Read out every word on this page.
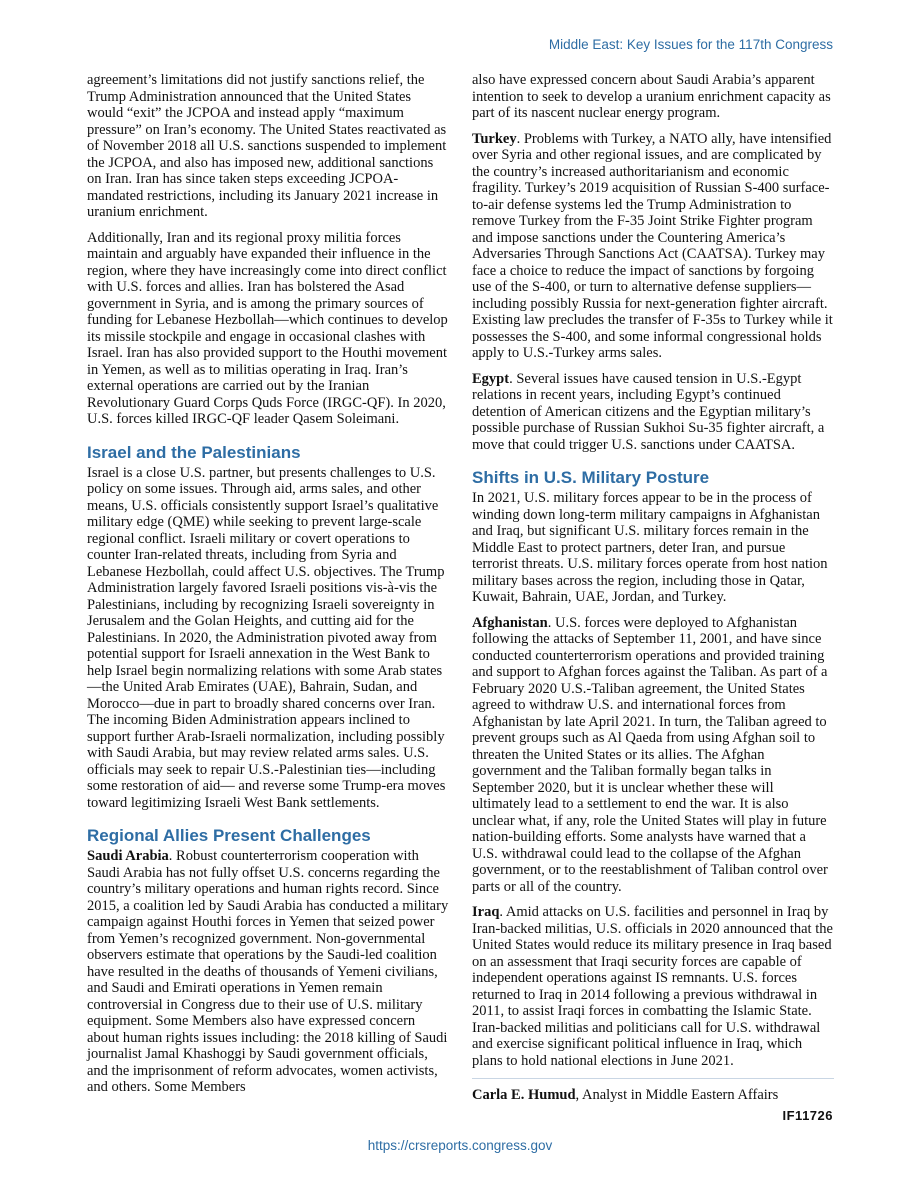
Middle East: Key Issues for the 117th Congress

agreement’s limitations did not justify sanctions relief, the Trump Administration announced that the United States would “exit” the JCPOA and instead apply “maximum pressure” on Iran’s economy. The United States reactivated as of November 2018 all U.S. sanctions suspended to implement the JCPOA, and also has imposed new, additional sanctions on Iran. Iran has since taken steps exceeding JCPOA-mandated restrictions, including its January 2021 increase in uranium enrichment.

Additionally, Iran and its regional proxy militia forces maintain and arguably have expanded their influence in the region, where they have increasingly come into direct conflict with U.S. forces and allies. Iran has bolstered the Asad government in Syria, and is among the primary sources of funding for Lebanese Hezbollah—which continues to develop its missile stockpile and engage in occasional clashes with Israel. Iran has also provided support to the Houthi movement in Yemen, as well as to militias operating in Iraq. Iran’s external operations are carried out by the Iranian Revolutionary Guard Corps Quds Force (IRGC-QF). In 2020, U.S. forces killed IRGC-QF leader Qasem Soleimani.

Israel and the Palestinians

Israel is a close U.S. partner, but presents challenges to U.S. policy on some issues. Through aid, arms sales, and other means, U.S. officials consistently support Israel’s qualitative military edge (QME) while seeking to prevent large-scale regional conflict. Israeli military or covert operations to counter Iran-related threats, including from Syria and Lebanese Hezbollah, could affect U.S. objectives. The Trump Administration largely favored Israeli positions vis-à-vis the Palestinians, including by recognizing Israeli sovereignty in Jerusalem and the Golan Heights, and cutting aid for the Palestinians. In 2020, the Administration pivoted away from potential support for Israeli annexation in the West Bank to help Israel begin normalizing relations with some Arab states—the United Arab Emirates (UAE), Bahrain, Sudan, and Morocco—due in part to broadly shared concerns over Iran. The incoming Biden Administration appears inclined to support further Arab-Israeli normalization, including possibly with Saudi Arabia, but may review related arms sales. U.S. officials may seek to repair U.S.-Palestinian ties—including some restoration of aid— and reverse some Trump-era moves toward legitimizing Israeli West Bank settlements.

Regional Allies Present Challenges

Saudi Arabia. Robust counterterrorism cooperation with Saudi Arabia has not fully offset U.S. concerns regarding the country’s military operations and human rights record. Since 2015, a coalition led by Saudi Arabia has conducted a military campaign against Houthi forces in Yemen that seized power from Yemen’s recognized government. Non-governmental observers estimate that operations by the Saudi-led coalition have resulted in the deaths of thousands of Yemeni civilians, and Saudi and Emirati operations in Yemen remain controversial in Congress due to their use of U.S. military equipment. Some Members also have expressed concern about human rights issues including: the 2018 killing of Saudi journalist Jamal Khashoggi by Saudi government officials, and the imprisonment of reform advocates, women activists, and others. Some Members

also have expressed concern about Saudi Arabia’s apparent intention to seek to develop a uranium enrichment capacity as part of its nascent nuclear energy program.

Turkey. Problems with Turkey, a NATO ally, have intensified over Syria and other regional issues, and are complicated by the country’s increased authoritarianism and economic fragility. Turkey’s 2019 acquisition of Russian S-400 surface-to-air defense systems led the Trump Administration to remove Turkey from the F-35 Joint Strike Fighter program and impose sanctions under the Countering America’s Adversaries Through Sanctions Act (CAATSA). Turkey may face a choice to reduce the impact of sanctions by forgoing use of the S-400, or turn to alternative defense suppliers—including possibly Russia for next-generation fighter aircraft. Existing law precludes the transfer of F-35s to Turkey while it possesses the S-400, and some informal congressional holds apply to U.S.-Turkey arms sales.

Egypt. Several issues have caused tension in U.S.-Egypt relations in recent years, including Egypt’s continued detention of American citizens and the Egyptian military’s possible purchase of Russian Sukhoi Su-35 fighter aircraft, a move that could trigger U.S. sanctions under CAATSA.

Shifts in U.S. Military Posture

In 2021, U.S. military forces appear to be in the process of winding down long-term military campaigns in Afghanistan and Iraq, but significant U.S. military forces remain in the Middle East to protect partners, deter Iran, and pursue terrorist threats. U.S. military forces operate from host nation military bases across the region, including those in Qatar, Kuwait, Bahrain, UAE, Jordan, and Turkey.

Afghanistan. U.S. forces were deployed to Afghanistan following the attacks of September 11, 2001, and have since conducted counterterrorism operations and provided training and support to Afghan forces against the Taliban. As part of a February 2020 U.S.-Taliban agreement, the United States agreed to withdraw U.S. and international forces from Afghanistan by late April 2021. In turn, the Taliban agreed to prevent groups such as Al Qaeda from using Afghan soil to threaten the United States or its allies. The Afghan government and the Taliban formally began talks in September 2020, but it is unclear whether these will ultimately lead to a settlement to end the war. It is also unclear what, if any, role the United States will play in future nation-building efforts. Some analysts have warned that a U.S. withdrawal could lead to the collapse of the Afghan government, or to the reestablishment of Taliban control over parts or all of the country.

Iraq. Amid attacks on U.S. facilities and personnel in Iraq by Iran-backed militias, U.S. officials in 2020 announced that the United States would reduce its military presence in Iraq based on an assessment that Iraqi security forces are capable of independent operations against IS remnants. U.S. forces returned to Iraq in 2014 following a previous withdrawal in 2011, to assist Iraqi forces in combatting the Islamic State. Iran-backed militias and politicians call for U.S. withdrawal and exercise significant political influence in Iraq, which plans to hold national elections in June 2021.

Carla E. Humud, Analyst in Middle Eastern Affairs

IF11726
https://crsreports.congress.gov
